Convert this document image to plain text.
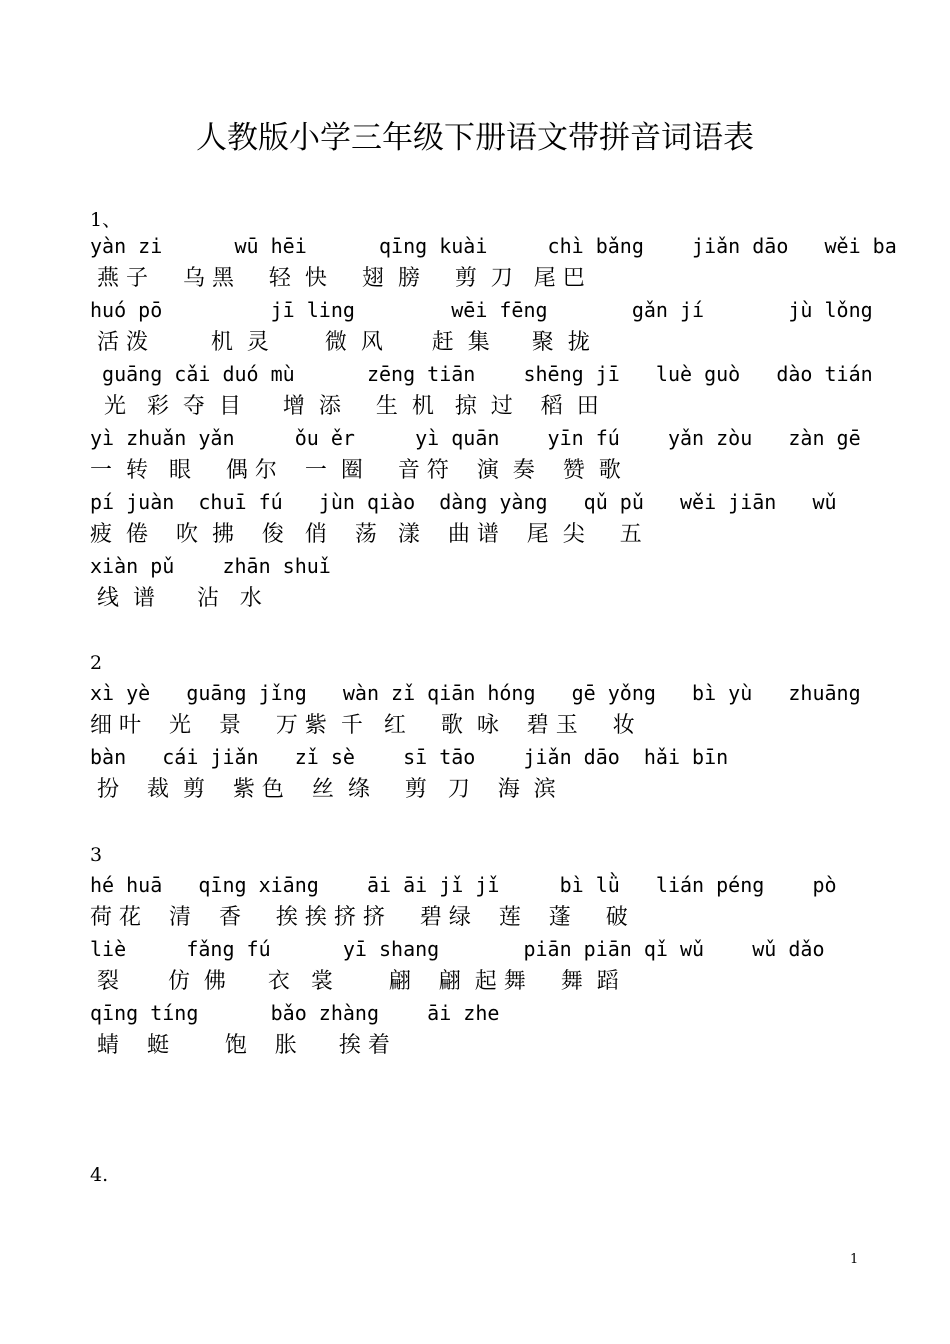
人教版小学三年级下册语文带拼音词语表
1、
yàn zi      wū hēi      qīng kuài     chì bǎng    jiǎn dāo   wěi ba
燕 子     乌 黑     轻  快     翅  膀     剪  刀   尾 巴
huó pō         jī ling        wēi fēng       gǎn jí       jù lǒng
活 泼         机  灵        微  风       赶  集      聚  拢
guāng cǎi duó mù      zēng tiān    shēng jī   luè guò   dào tián
光   彩  夺  目      增  添     生  机   掠  过    稻  田
yì zhuǎn yǎn     ǒu ěr     yì quān    yīn fú    yǎn zòu   zàn gē
一  转   眼     偶 尔    一  圈     音 符    演  奏    赞  歌
pí juàn  chuī fú   jùn qiào  dàng yàng   qǔ pǔ   wěi jiān   wǔ
疲  倦    吹  拂    俊   俏    荡   漾    曲 谱    尾  尖     五
xiàn pǔ    zhān shuǐ
线  谱      沾   水
2
xì yè   guāng jǐng   wàn zǐ qiān hóng   gē yǒng   bì yù   zhuāng
细 叶    光    景     万 紫  千   红     歌  咏    碧 玉     妆
bàn   cái jiǎn   zǐ sè    sī tāo    jiǎn dāo  hǎi bīn
扮    裁  剪    紫 色    丝  绦     剪   刀    海  滨
3
hé huā   qīng xiāng    āi āi jǐ jǐ     bì lǜ   lián péng    pò
荷 花    清    香     挨 挨 挤 挤     碧 绿    莲    蓬     破
liè     fǎng fú      yī shang       piān piān qǐ wǔ    wǔ dǎo
裂       仿  佛      衣   裳        翩    翩  起 舞     舞  蹈
qīng tíng      bǎo zhàng    āi zhe
蜻    蜓        饱    胀      挨 着
4.
1
